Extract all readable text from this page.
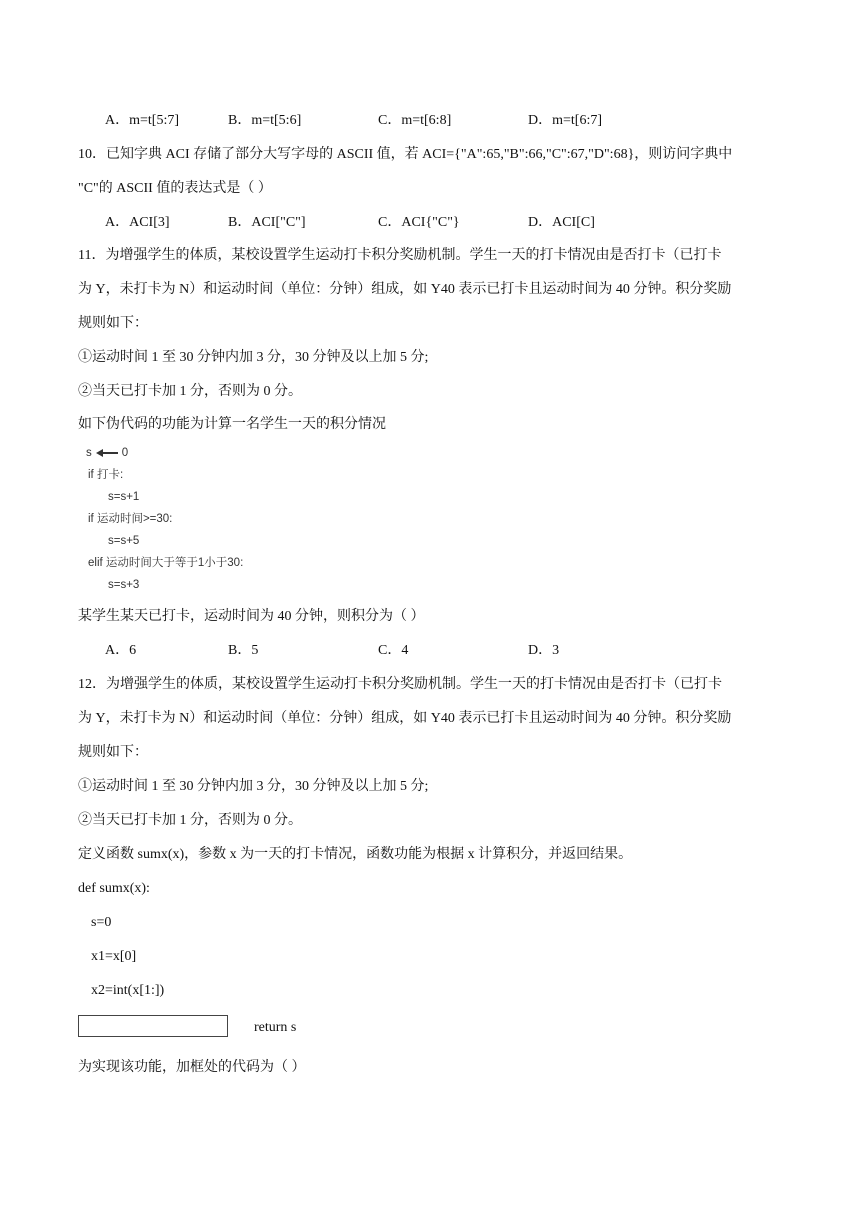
A．m=t[5:7]	B．m=t[5:6]	C．m=t[6:8]	D．m=t[6:7]
10．已知字典 ACI 存储了部分大写字母的 ASCII 值，若 ACI={"A":65,"B":66,"C":67,"D":68}，则访问字典中
"C"的 ASCII 值的表达式是（ ）
A．ACI[3]	B．ACI["C"]	C．ACI{"C"}	D．ACI[C]
11．为增强学生的体质，某校设置学生运动打卡积分奖励机制。学生一天的打卡情况由是否打卡（已打卡
为 Y，未打卡为 N）和运动时间（单位：分钟）组成，如 Y40 表示已打卡且运动时间为 40 分钟。积分奖励
规则如下：
①运动时间 1 至 30 分钟内加 3 分，30 分钟及以上加 5 分;
②当天已打卡加 1 分，否则为 0 分。
如下伪代码的功能为计算一名学生一天的积分情况
s	0
if 打卡:
s=s+1
if 运动时间>=30:
s=s+5
elif 运动时间大于等于1小于30:
s=s+3
某学生某天已打卡，运动时间为 40 分钟，则积分为（ ）
A．6	B．5	C．4	D．3
12．为增强学生的体质，某校设置学生运动打卡积分奖励机制。学生一天的打卡情况由是否打卡（已打卡
为 Y，未打卡为 N）和运动时间（单位：分钟）组成，如 Y40 表示已打卡且运动时间为 40 分钟。积分奖励
规则如下：
①运动时间 1 至 30 分钟内加 3 分，30 分钟及以上加 5 分;
②当天已打卡加 1 分，否则为 0 分。
定义函数 sumx(x)，参数 x 为一天的打卡情况，函数功能为根据 x 计算积分，并返回结果。
def sumx(x):
s=0
x1=x[0]
x2=int(x[1:])
return s
为实现该功能，加框处的代码为（ ）
